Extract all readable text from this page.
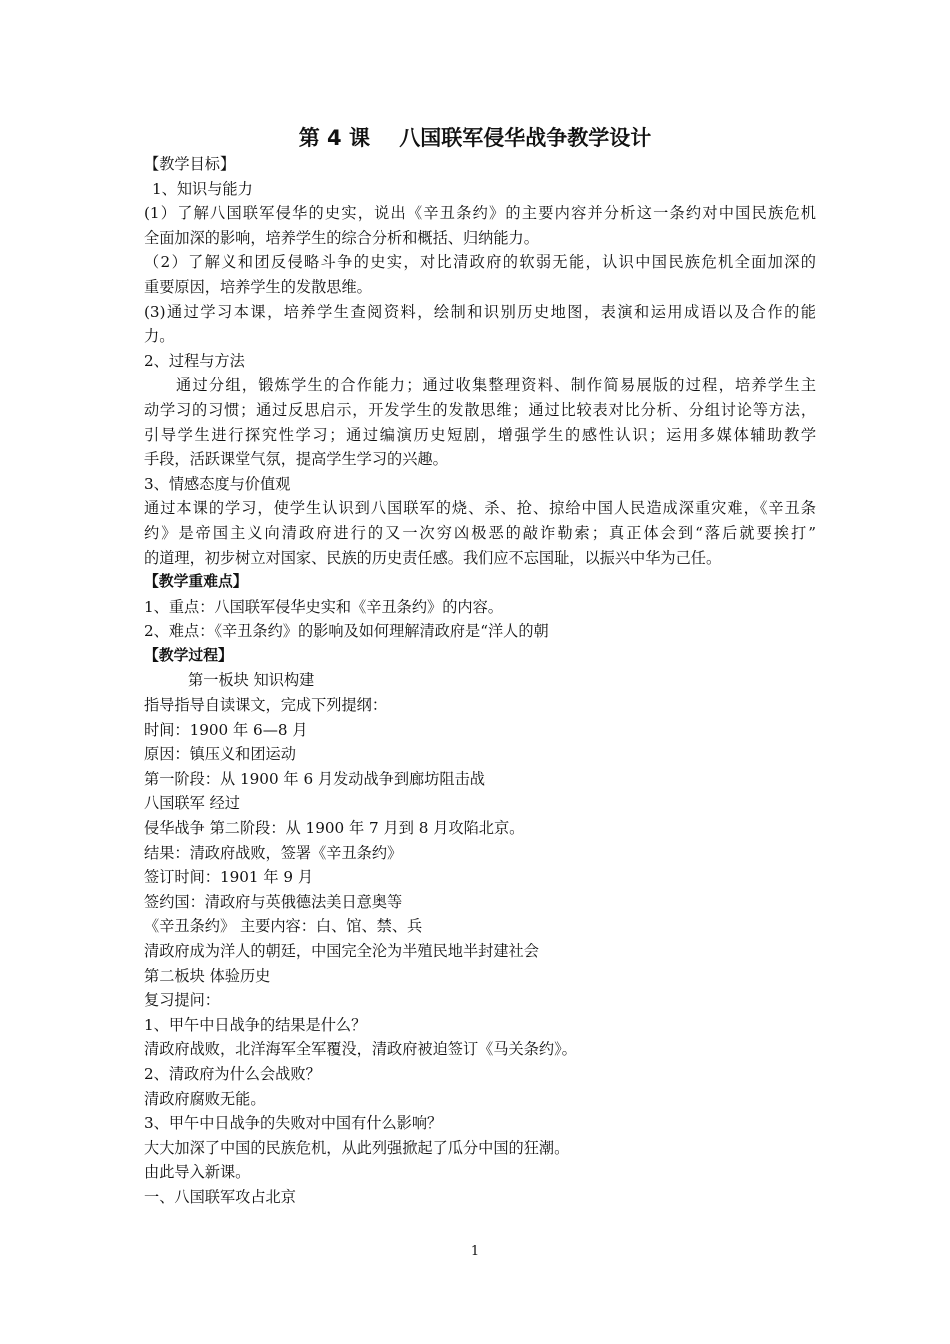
第 4 课    八国联军侵华战争教学设计
【教学目标】
1、知识与能力
(1）了解八国联军侵华的史实，说出《辛丑条约》的主要内容并分析这一条约对中国民族危机
全面加深的影响，培养学生的综合分析和概括、归纳能力。
（2）了解义和团反侵略斗争的史实，对比清政府的软弱无能，认识中国民族危机全面加深的
重要原因，培养学生的发散思维。
(3)通过学习本课，培养学生查阅资料，绘制和识别历史地图，表演和运用成语以及合作的能
力。
2、过程与方法
通过分组，锻炼学生的合作能力；通过收集整理资料、制作简易展版的过程，培养学生主
动学习的习惯；通过反思启示，开发学生的发散思维；通过比较表对比分析、分组讨论等方法，
引导学生进行探究性学习；通过编演历史短剧，增强学生的感性认识；运用多媒体辅助教学
手段，活跃课堂气氛，提高学生学习的兴趣。
3、情感态度与价值观
通过本课的学习，使学生认识到八国联军的烧、杀、抢、掠给中国人民造成深重灾难，《辛丑条
约》是帝国主义向清政府进行的又一次穷凶极恶的敲诈勒索；真正体会到“落后就要挨打”
的道理，初步树立对国家、民族的历史责任感。我们应不忘国耻，以振兴中华为己任。
【教学重难点】
1、重点：八国联军侵华史实和《辛丑条约》的内容。
2、难点：《辛丑条约》的影响及如何理解清政府是“洋人的朝
【教学过程】
第一板块 知识构建
指导指导自读课文，完成下列提纲：
时间：1900 年 6—8 月
原因：镇压义和团运动
第一阶段：从 1900 年 6 月发动战争到廊坊阻击战
八国联军 经过
侵华战争 第二阶段：从 1900 年 7 月到 8 月攻陷北京。
结果：清政府战败，签署《辛丑条约》
签订时间：1901 年 9 月
签约国：清政府与英俄德法美日意奥等
《辛丑条约》 主要内容：白、馆、禁、兵
清政府成为洋人的朝廷，中国完全沦为半殖民地半封建社会
第二板块 体验历史
复习提问：
1、甲午中日战争的结果是什么？
清政府战败，北洋海军全军覆没，清政府被迫签订《马关条约》。
2、清政府为什么会战败？
清政府腐败无能。
3、甲午中日战争的失败对中国有什么影响？
大大加深了中国的民族危机，从此列强掀起了瓜分中国的狂潮。
由此导入新课。
一、八国联军攻占北京
1
